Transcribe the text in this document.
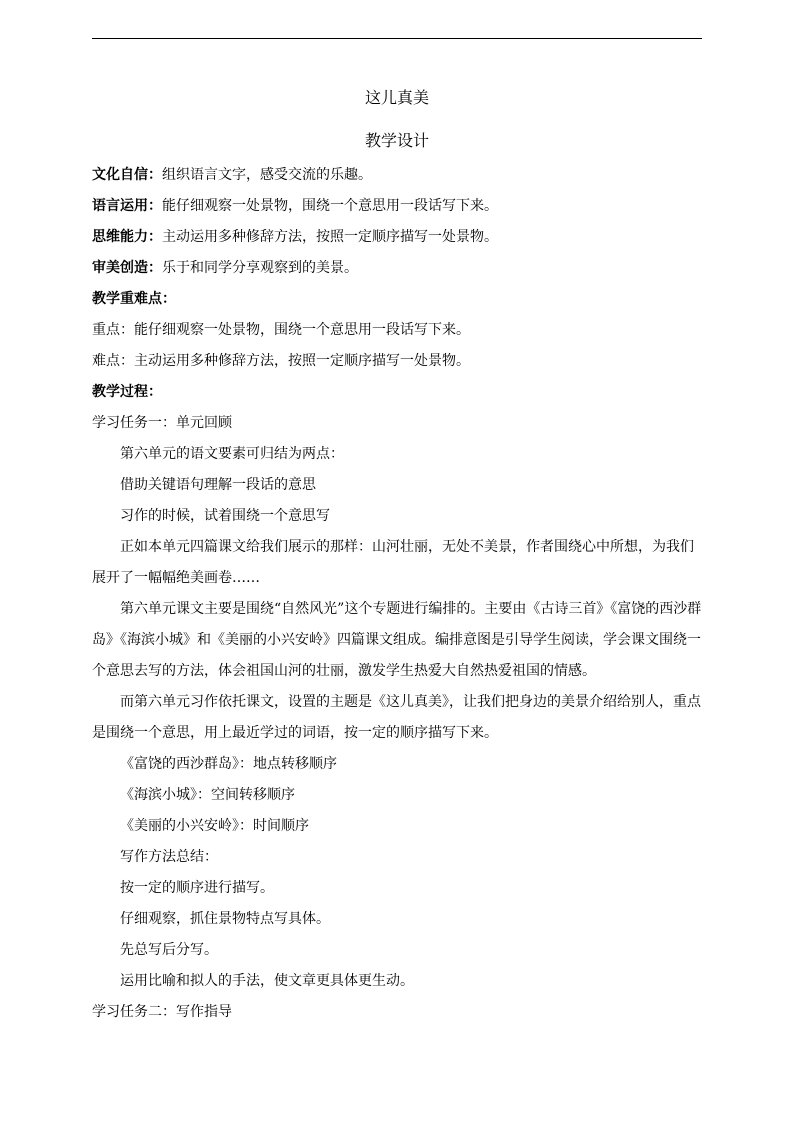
这儿真美

教学设计

文化自信：组织语言文字，感受交流的乐趣。

语言运用：能仔细观察一处景物，围绕一个意思用一段话写下来。

思维能力：主动运用多种修辞方法，按照一定顺序描写一处景物。

审美创造：乐于和同学分享观察到的美景。

教学重难点：

重点：能仔细观察一处景物，围绕一个意思用一段话写下来。

难点：主动运用多种修辞方法，按照一定顺序描写一处景物。

教学过程：

学习任务一：单元回顾

第六单元的语文要素可归结为两点：

借助关键语句理解一段话的意思

习作的时候，试着围绕一个意思写

正如本单元四篇课文给我们展示的那样：山河壮丽，无处不美景，作者围绕心中所想，为我们展开了一幅幅绝美画卷……

第六单元课文主要是围绕“自然风光”这个专题进行编排的。主要由《古诗三首》《富饶的西沙群岛》《海滨小城》和《美丽的小兴安岭》四篇课文组成。编排意图是引导学生阅读，学会课文围绕一个意思去写的方法，体会祖国山河的壮丽，激发学生热爱大自然热爱祖国的情感。

而第六单元习作依托课文，设置的主题是《这儿真美》，让我们把身边的美景介绍给别人，重点是围绕一个意思，用上最近学过的词语，按一定的顺序描写下来。

《富饶的西沙群岛》：地点转移顺序

《海滨小城》：空间转移顺序

《美丽的小兴安岭》：时间顺序

写作方法总结：

按一定的顺序进行描写。

仔细观察，抓住景物特点写具体。

先总写后分写。

运用比喻和拟人的手法，使文章更具体更生动。

学习任务二：写作指导
